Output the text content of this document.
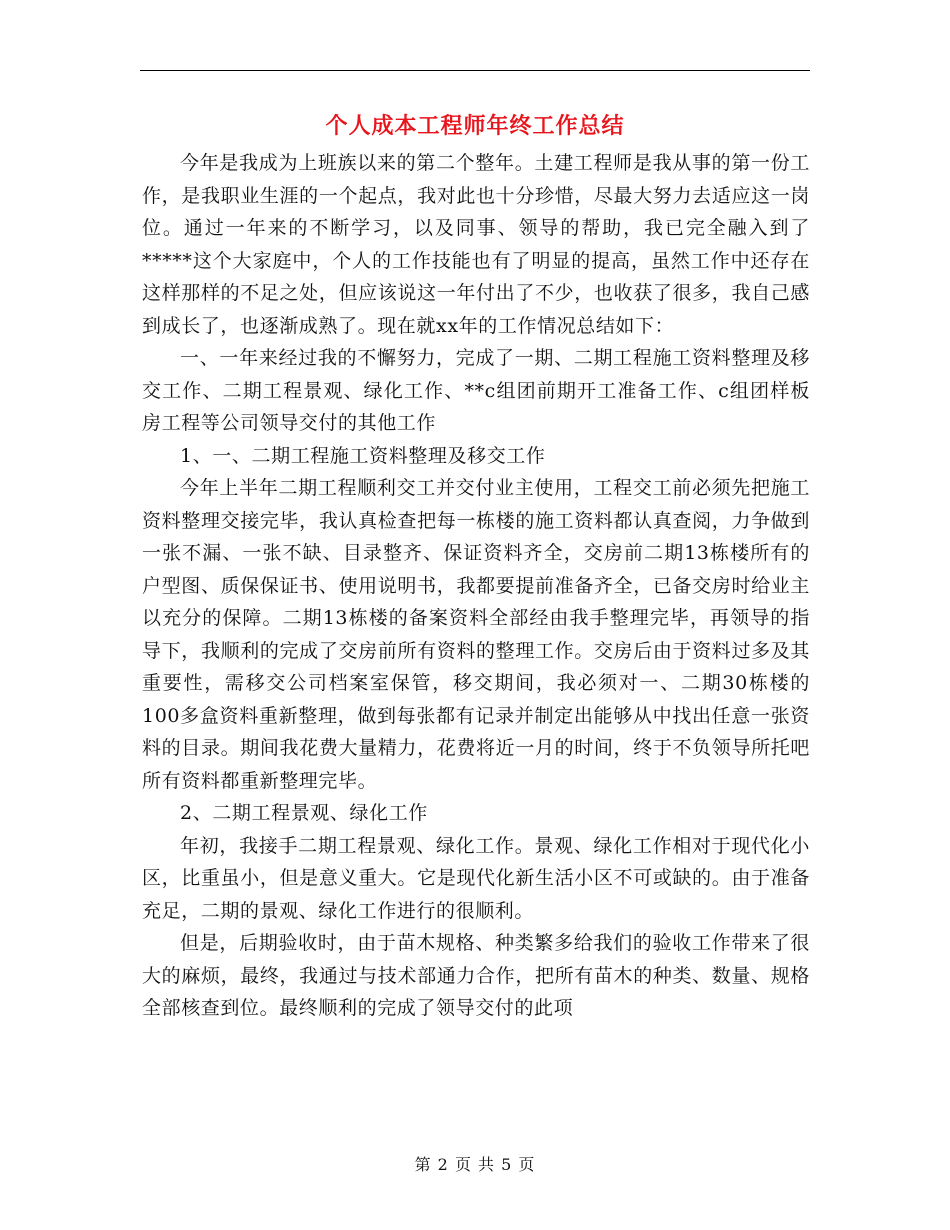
个人成本工程师年终工作总结

今年是我成为上班族以来的第二个整年。土建工程师是我从事的第一份工作，是我职业生涯的一个起点，我对此也十分珍惜，尽最大努力去适应这一岗位。通过一年来的不断学习，以及同事、领导的帮助，我已完全融入到了*****这个大家庭中，个人的工作技能也有了明显的提高，虽然工作中还存在这样那样的不足之处，但应该说这一年付出了不少，也收获了很多，我自己感到成长了，也逐渐成熟了。现在就xx年的工作情况总结如下：

一、一年来经过我的不懈努力，完成了一期、二期工程施工资料整理及移交工作、二期工程景观、绿化工作、**c组团前期开工准备工作、c组团样板房工程等公司领导交付的其他工作

1、一、二期工程施工资料整理及移交工作

今年上半年二期工程顺利交工并交付业主使用，工程交工前必须先把施工资料整理交接完毕，我认真检查把每一栋楼的施工资料都认真查阅，力争做到一张不漏、一张不缺、目录整齐、保证资料齐全，交房前二期13栋楼所有的户型图、质保保证书、使用说明书，我都要提前准备齐全，已备交房时给业主以充分的保障。二期13栋楼的备案资料全部经由我手整理完毕，再领导的指导下，我顺利的完成了交房前所有资料的整理工作。交房后由于资料过多及其重要性，需移交公司档案室保管，移交期间，我必须对一、二期30栋楼的100多盒资料重新整理，做到每张都有记录并制定出能够从中找出任意一张资料的目录。期间我花费大量精力，花费将近一月的时间，终于不负领导所托吧所有资料都重新整理完毕。

2、二期工程景观、绿化工作

年初，我接手二期工程景观、绿化工作。景观、绿化工作相对于现代化小区，比重虽小，但是意义重大。它是现代化新生活小区不可或缺的。由于准备充足，二期的景观、绿化工作进行的很顺利。

但是，后期验收时，由于苗木规格、种类繁多给我们的验收工作带来了很大的麻烦，最终，我通过与技术部通力合作，把所有苗木的种类、数量、规格全部核查到位。最终顺利的完成了领导交付的此项

第 2 页 共 5 页
